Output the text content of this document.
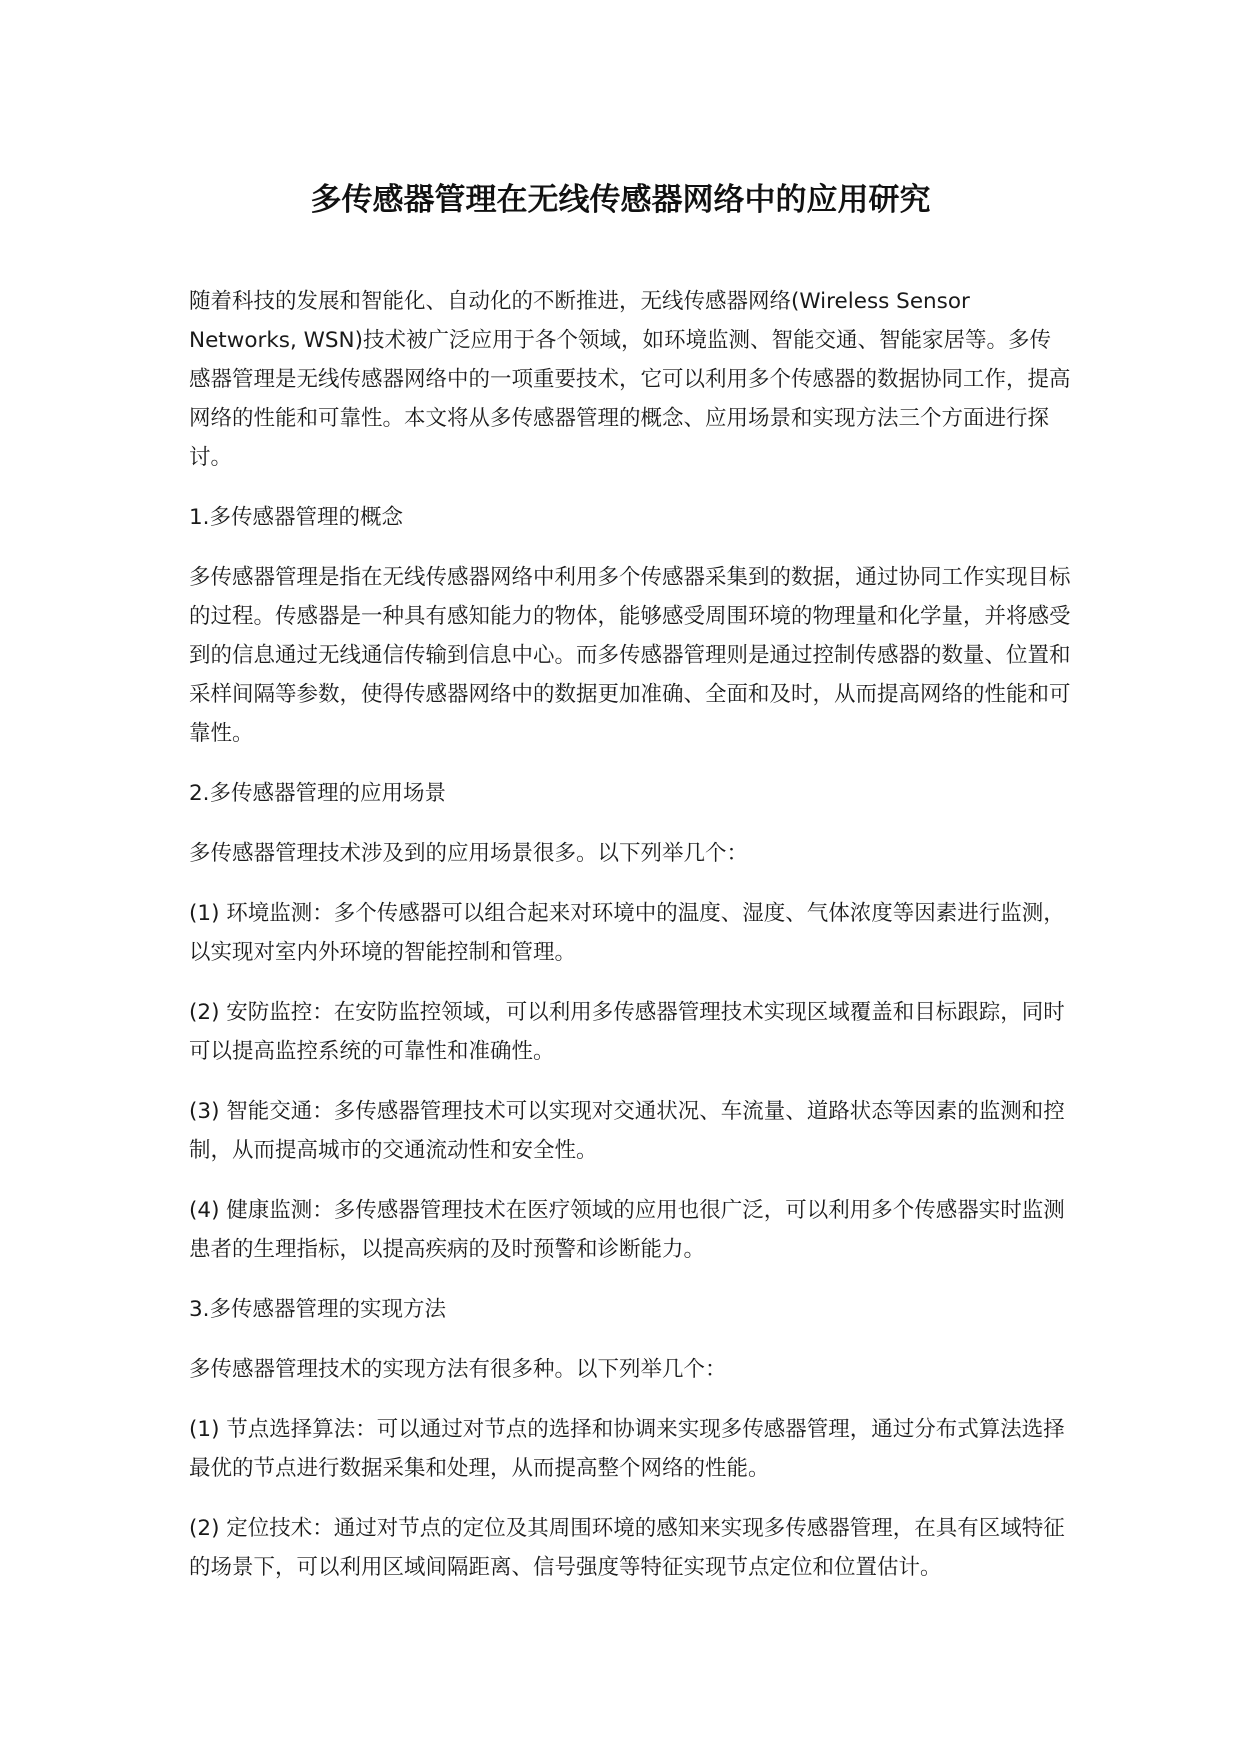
多传感器管理在无线传感器网络中的应用研究

随着科技的发展和智能化、自动化的不断推进，无线传感器网络(Wireless Sensor Networks, WSN)技术被广泛应用于各个领域，如环境监测、智能交通、智能家居等。多传感器管理是无线传感器网络中的一项重要技术，它可以利用多个传感器的数据协同工作，提高网络的性能和可靠性。本文将从多传感器管理的概念、应用场景和实现方法三个方面进行探讨。

1.多传感器管理的概念

多传感器管理是指在无线传感器网络中利用多个传感器采集到的数据，通过协同工作实现目标的过程。传感器是一种具有感知能力的物体，能够感受周围环境的物理量和化学量，并将感受到的信息通过无线通信传输到信息中心。而多传感器管理则是通过控制传感器的数量、位置和采样间隔等参数，使得传感器网络中的数据更加准确、全面和及时，从而提高网络的性能和可靠性。

2.多传感器管理的应用场景

多传感器管理技术涉及到的应用场景很多。以下列举几个：

(1) 环境监测：多个传感器可以组合起来对环境中的温度、湿度、气体浓度等因素进行监测，以实现对室内外环境的智能控制和管理。

(2) 安防监控：在安防监控领域，可以利用多传感器管理技术实现区域覆盖和目标跟踪，同时可以提高监控系统的可靠性和准确性。

(3) 智能交通：多传感器管理技术可以实现对交通状况、车流量、道路状态等因素的监测和控制，从而提高城市的交通流动性和安全性。

(4) 健康监测：多传感器管理技术在医疗领域的应用也很广泛，可以利用多个传感器实时监测患者的生理指标，以提高疾病的及时预警和诊断能力。

3.多传感器管理的实现方法

多传感器管理技术的实现方法有很多种。以下列举几个：

(1) 节点选择算法：可以通过对节点的选择和协调来实现多传感器管理，通过分布式算法选择最优的节点进行数据采集和处理，从而提高整个网络的性能。

(2) 定位技术：通过对节点的定位及其周围环境的感知来实现多传感器管理，在具有区域特征的场景下，可以利用区域间隔距离、信号强度等特征实现节点定位和位置估计。
